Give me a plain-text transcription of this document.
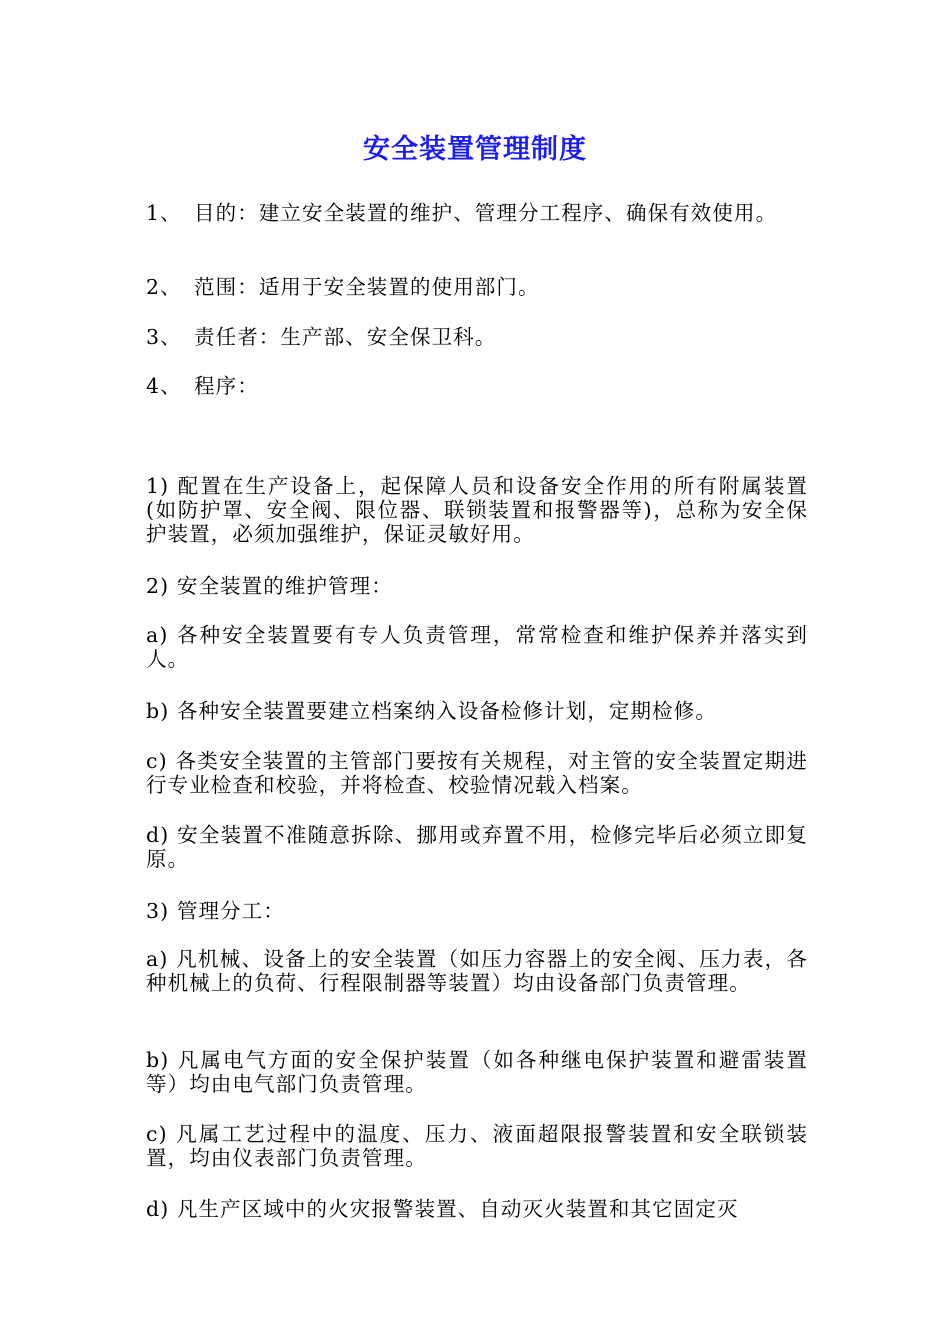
安全装置管理制度
1、 目的：建立安全装置的维护、管理分工程序、确保有效使用。
2、 范围：适用于安全装置的使用部门。
3、 责任者：生产部、安全保卫科。
4、 程序：
1) 配置在生产设备上，起保障人员和设备安全作用的所有附属装置(如防护罩、安全阀、限位器、联锁装置和报警器等)，总称为安全保护装置，必须加强维护，保证灵敏好用。
2) 安全装置的维护管理：
a) 各种安全装置要有专人负责管理，常常检查和维护保养并落实到人。
b) 各种安全装置要建立档案纳入设备检修计划，定期检修。
c) 各类安全装置的主管部门要按有关规程，对主管的安全装置定期进行专业检查和校验，并将检查、校验情况载入档案。
d) 安全装置不准随意拆除、挪用或弃置不用，检修完毕后必须立即复原。
3) 管理分工：
a) 凡机械、设备上的安全装置（如压力容器上的安全阀、压力表，各种机械上的负荷、行程限制器等装置）均由设备部门负责管理。
b) 凡属电气方面的安全保护装置（如各种继电保护装置和避雷装置等）均由电气部门负责管理。
c) 凡属工艺过程中的温度、压力、液面超限报警装置和安全联锁装置，均由仪表部门负责管理。
d) 凡生产区域中的火灾报警装置、自动灭火装置和其它固定灭
